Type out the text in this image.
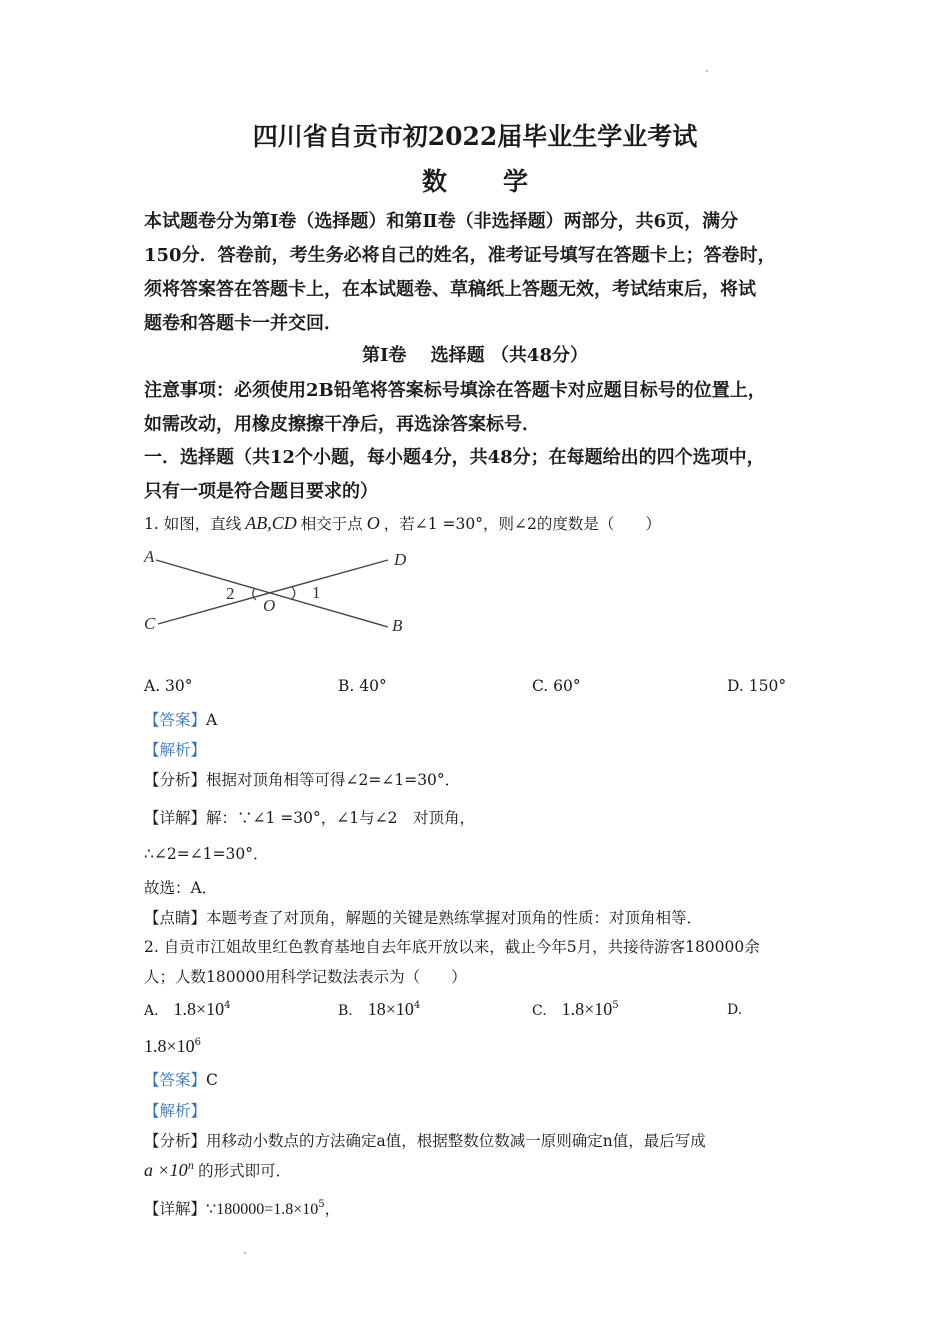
四川省自贡市初2022届毕业生学业考试
数学
本试题卷分为第Ⅰ卷（选择题）和第Ⅱ卷（非选择题）两部分，共6页，满分
150分．答卷前，考生务必将自己的姓名，准考证号填写在答题卡上；答卷时，
须将答案答在答题卡上，在本试题卷、草稿纸上答题无效，考试结束后，将试
题卷和答题卡一并交回．
第Ⅰ卷　 选择题 （共48分）
注意事项：必须使用2B铅笔将答案标号填涂在答题卡对应题目标号的位置上，
如需改动，用橡皮擦擦干净后，再选涂答案标号．
一．选择题（共12个小题，每小题4分，共48分；在每题给出的四个选项中，
只有一项是符合题目要求的）
1. 如图，直线 AB,CD 相交于点 O ，若∠1 =30°，则∠2的度数是（　　）
A	D
C	B
O
2	1
A. 30°	B. 40°	C. 60°	D. 150°
【答案】A
【解析】
【分析】根据对顶角相等可得∠2=∠1=30°．
【详解】解：∵∠1 =30°，∠1与∠2　对顶角，
∴∠2=∠1=30°．
故选：A．
【点睛】本题考查了对顶角，解题的关键是熟练掌握对顶角的性质：对顶角相等．
2. 自贡市江姐故里红色教育基地自去年底开放以来，截止今年5月，共接待游客180000余
人；人数180000用科学记数法表示为（　　）
A. $1.8\times 10^4$	B. $18\times 10^4$	C. $1.8\times 10^5$	D.
$1.8\times 10^6$
【答案】C
【解析】
【分析】用移动小数点的方法确定a值，根据整数位数减一原则确定n值，最后写成
$a \times 10^n$ 的形式即可．
【详解】$\because 180000=1.8\times 10^5$，
